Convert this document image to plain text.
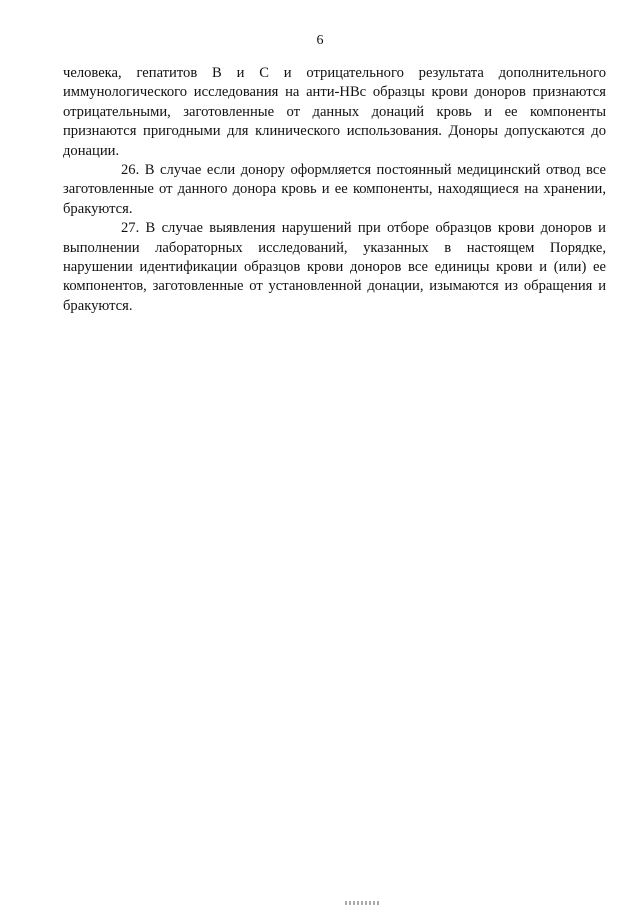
6

человека, гепатитов В и С и отрицательного результата дополнительного иммунологического исследования на анти-НВс образцы крови доноров признаются отрицательными, заготовленные от данных донаций кровь и ее компоненты признаются пригодными для клинического использования. Доноры допускаются до донации.

26. В случае если донору оформляется постоянный медицинский отвод все заготовленные от данного донора кровь и ее компоненты, находящиеся на хранении, бракуются.

27. В случае выявления нарушений при отборе образцов крови доноров и выполнении лабораторных исследований, указанных в настоящем Порядке, нарушении идентификации образцов крови доноров все единицы крови и (или) ее компонентов, заготовленные от установленной донации, изымаются из обращения и бракуются.
